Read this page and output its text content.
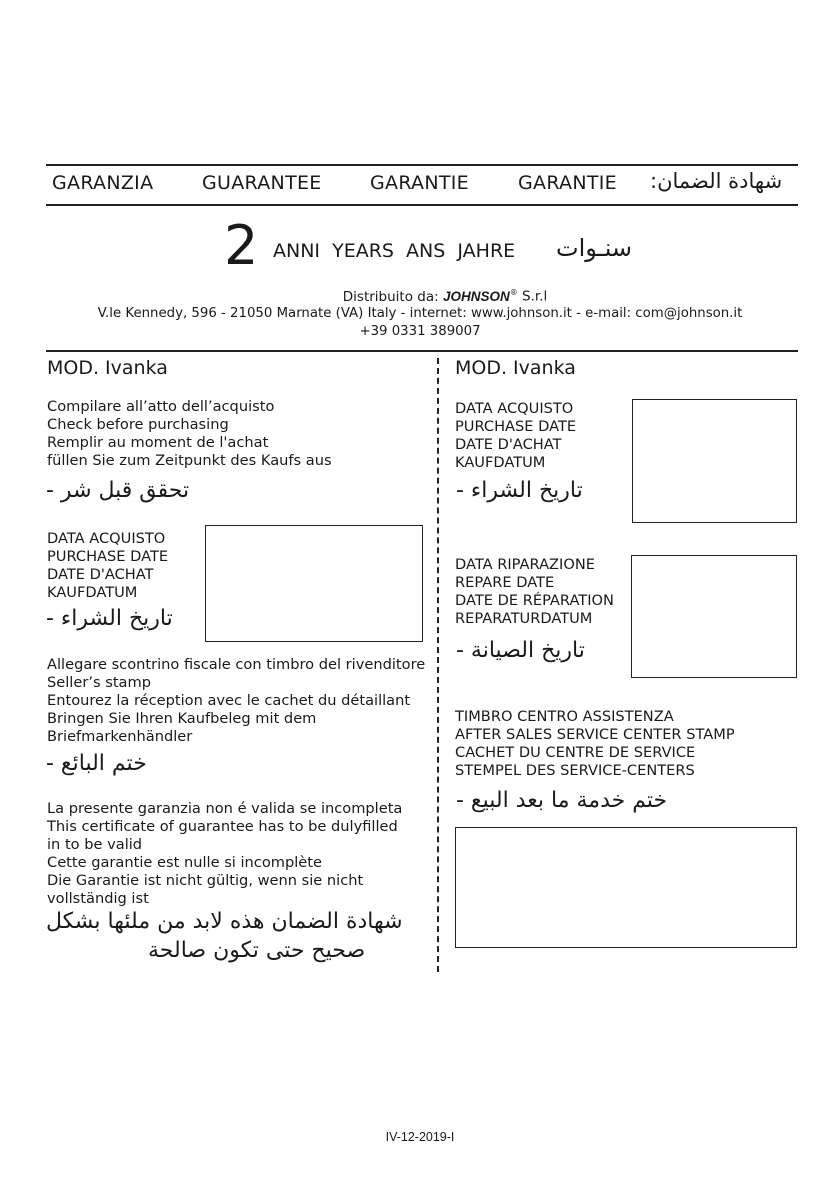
GARANZIA	GUARANTEE	GARANTIE	GARANTIE شهادة الضمان:
2 ANNI  YEARS  ANS  JAHRE سنـوات
Distribuito da: JOHNSON® S.r.l
V.le Kennedy, 596 - 21050 Marnate (VA) Italy - internet: www.johnson.it - e-mail: com@johnson.it
+39 0331 389007
MOD. Ivanka
Compilare all’atto dell’acquisto
Check before purchasing
Remplir au moment de l'achat
füllen Sie zum Zeitpunkt des Kaufs aus
تحقق قبل شر -
DATA ACQUISTO
PURCHASE DATE
DATE D'ACHAT
KAUFDATUM
تاريخ الشراء -
Allegare scontrino fiscale con timbro del rivenditore
Seller’s stamp
Entourez la réception avec le cachet du détaillant
Bringen Sie Ihren Kaufbeleg mit dem
Briefmarkenhändler
ختم البائع -
La presente garanzia non é valida se incompleta
This certificate of guarantee has to be dulyfilled
in to be valid
Cette garantie est nulle si incomplète
Die Garantie ist nicht gültig, wenn sie nicht
vollständig ist
شهادة الضمان هذه لابد من ملئها بشكل
صحيح حتى تكون صالحة
MOD. Ivanka
DATA ACQUISTO
PURCHASE DATE
DATE D'ACHAT
KAUFDATUM
تاريخ الشراء -
DATA RIPARAZIONE
REPARE DATE
DATE DE RÉPARATION
REPARATURDATUM
تاريخ الصيانة -
TIMBRO CENTRO ASSISTENZA
AFTER SALES SERVICE CENTER STAMP
CACHET DU CENTRE DE SERVICE
STEMPEL DES SERVICE-CENTERS
ختم خدمة ما بعد البيع -
IV-12-2019-I
